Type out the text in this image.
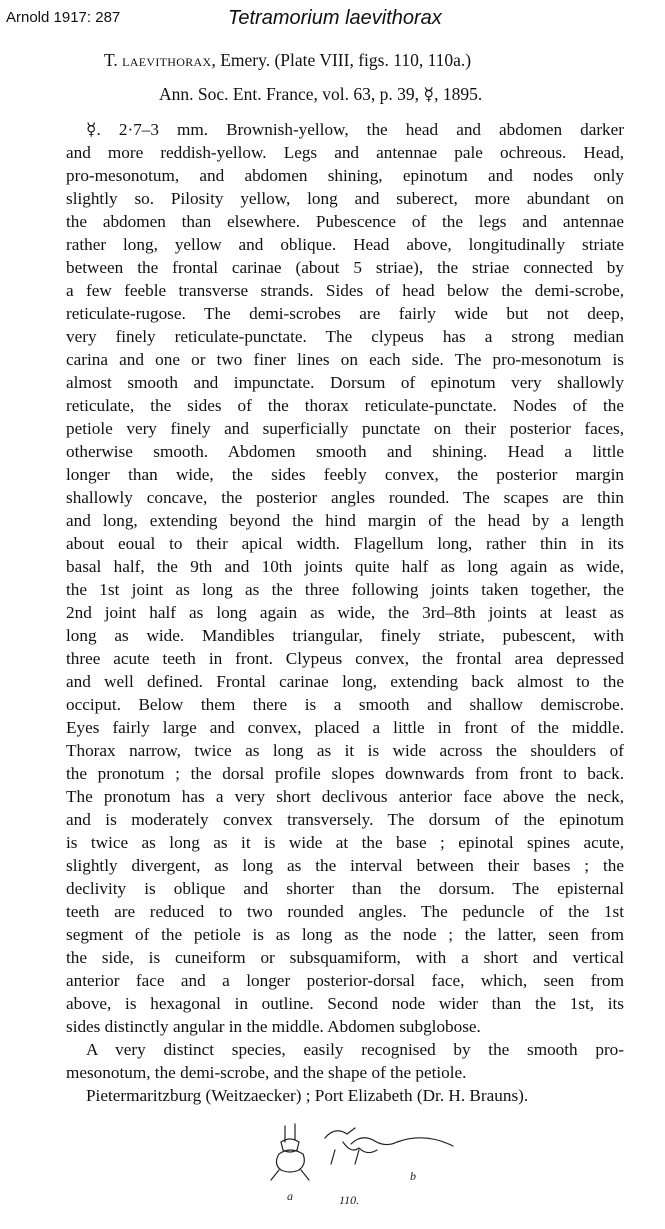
Arnold 1917: 287	Tetramorium laevithorax
T. laevithorax, Emery. (Plate VIII, figs. 110, 110a.)
Ann. Soc. Ent. France, vol. 63, p. 39, ☿, 1895.
☿. 2·7–3 mm. Brownish-yellow, the head and abdomen darker
and more reddish-yellow. Legs and antennae pale ochreous. Head,
pro-mesonotum, and abdomen shining, epinotum and nodes only
slightly so. Pilosity yellow, long and suberect, more abundant on
the abdomen than elsewhere. Pubescence of the legs and antennae
rather long, yellow and oblique. Head above, longitudinally striate
between the frontal carinae (about 5 striae), the striae connected by
a few feeble transverse strands. Sides of head below the demi-scrobe,
reticulate-rugose. The demi-scrobes are fairly wide but not deep,
very finely reticulate-punctate. The clypeus has a strong median
carina and one or two finer lines on each side. The pro-mesonotum is
almost smooth and impunctate. Dorsum of epinotum very shallowly
reticulate, the sides of the thorax reticulate-punctate. Nodes of the
petiole very finely and superficially punctate on their posterior faces,
otherwise smooth. Abdomen smooth and shining. Head a little
longer than wide, the sides feebly convex, the posterior margin
shallowly concave, the posterior angles rounded. The scapes are thin
and long, extending beyond the hind margin of the head by a length
about eoual to their apical width. Flagellum long, rather thin in its
basal half, the 9th and 10th joints quite half as long again as wide,
the 1st joint as long as the three following joints taken together, the
2nd joint half as long again as wide, the 3rd–8th joints at least as
long as wide. Mandibles triangular, finely striate, pubescent, with
three acute teeth in front. Clypeus convex, the frontal area depressed
and well defined. Frontal carinae long, extending back almost to the
occiput. Below them there is a smooth and shallow demiscrobe.
Eyes fairly large and convex, placed a little in front of the middle.
Thorax narrow, twice as long as it is wide across the shoulders of
the pronotum ; the dorsal profile slopes downwards from front to back.
The pronotum has a very short declivous anterior face above the neck,
and is moderately convex transversely. The dorsum of the epinotum
is twice as long as it is wide at the base ; epinotal spines acute,
slightly divergent, as long as the interval between their bases ; the
declivity is oblique and shorter than the dorsum. The episternal
teeth are reduced to two rounded angles. The peduncle of the 1st
segment of the petiole is as long as the node ; the latter, seen from
the side, is cuneiform or subsquamiform, with a short and vertical
anterior face and a longer posterior-dorsal face, which, seen from
above, is hexagonal in outline. Second node wider than the 1st, its
sides distinctly angular in the middle. Abdomen subglobose.
A very distinct species, easily recognised by the smooth pro-
mesonotum, the demi-scrobe, and the shape of the petiole.
Pietermaritzburg (Weitzaecker) ; Port Elizabeth (Dr. H. Brauns).
a
b
110.
